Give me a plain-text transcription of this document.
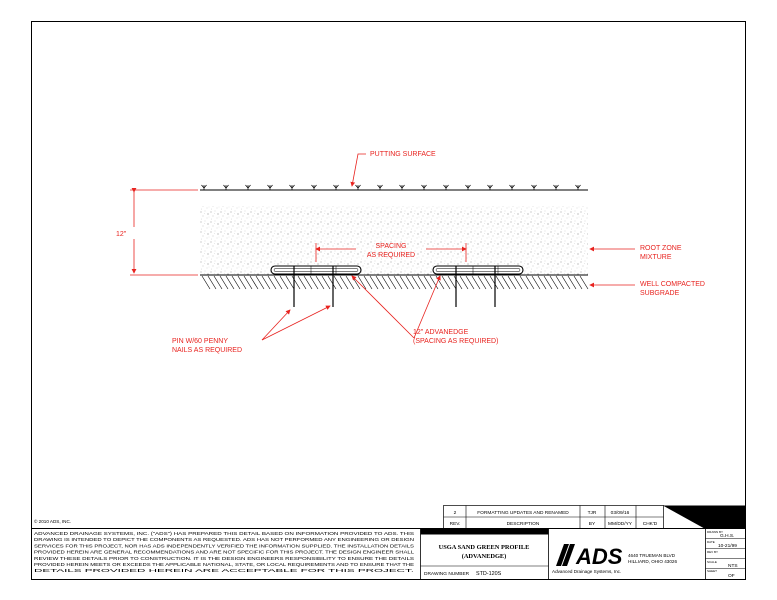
PUTTING SURFACE
12"
SPACING
AS REQUIRED
ROOT ZONE
MIXTURE
WELL COMPACTED
SUBGRADE
PIN W/60 PENNY
NAILS AS REQUIRED
12" ADVANEDGE
(SPACING AS REQUIRED)
© 2010 ADS, INC.
ADVANCED DRAINAGE SYSTEMS, INC. ("ADS") HAS PREPARED THIS DETAIL BASED ON INFORMATION PROVIDED TO ADS. THIS
DRAWING IS INTENDED TO DEPICT THE COMPONENTS AS REQUESTED. ADS HAS NOT PERFORMED ANY ENGINEERING OR DESIGN
SERVICES FOR THIS PROJECT, NOR HAS ADS INDEPENDENTLY VERIFIED THE INFORMATION SUPPLIED. THE INSTALLATION DETAILS
PROVIDED HEREIN ARE GENERAL RECOMMENDATIONS AND ARE NOT SPECIFIC FOR THIS PROJECT. THE DESIGN ENGINEER SHALL
REVIEW THESE DETAILS PRIOR TO CONSTRUCTION. IT IS THE DESIGN ENGINEERS RESPONSIBILITY TO ENSURE THE DETAILS
PROVIDED HEREIN MEETS OR EXCEEDS THE APPLICABLE NATIONAL, STATE, OR LOCAL REQUIREMENTS AND TO ENSURE THAT THE
DETAILS PROVIDED HEREIN ARE ACCEPTABLE FOR THIS PROJECT.
2	FORMATTING UPDATES AND RENAMED	TJR	03/09/16
REV.	DESCRIPTION	BY	MM/DD/YY CHK'D
USGA SAND GREEN PROFILE
(ADVANEDGE)
DRAWING NUMBER STD-120S
ADS
Advanced Drainage Systems, Inc.
4640 TRUEMAN BLVD
HILLIARD, OHIO 43026
DRAWN BY
G.H.S.
DATE
10-21/99
REV BY
SCALE
NTS
SHEET
OF
